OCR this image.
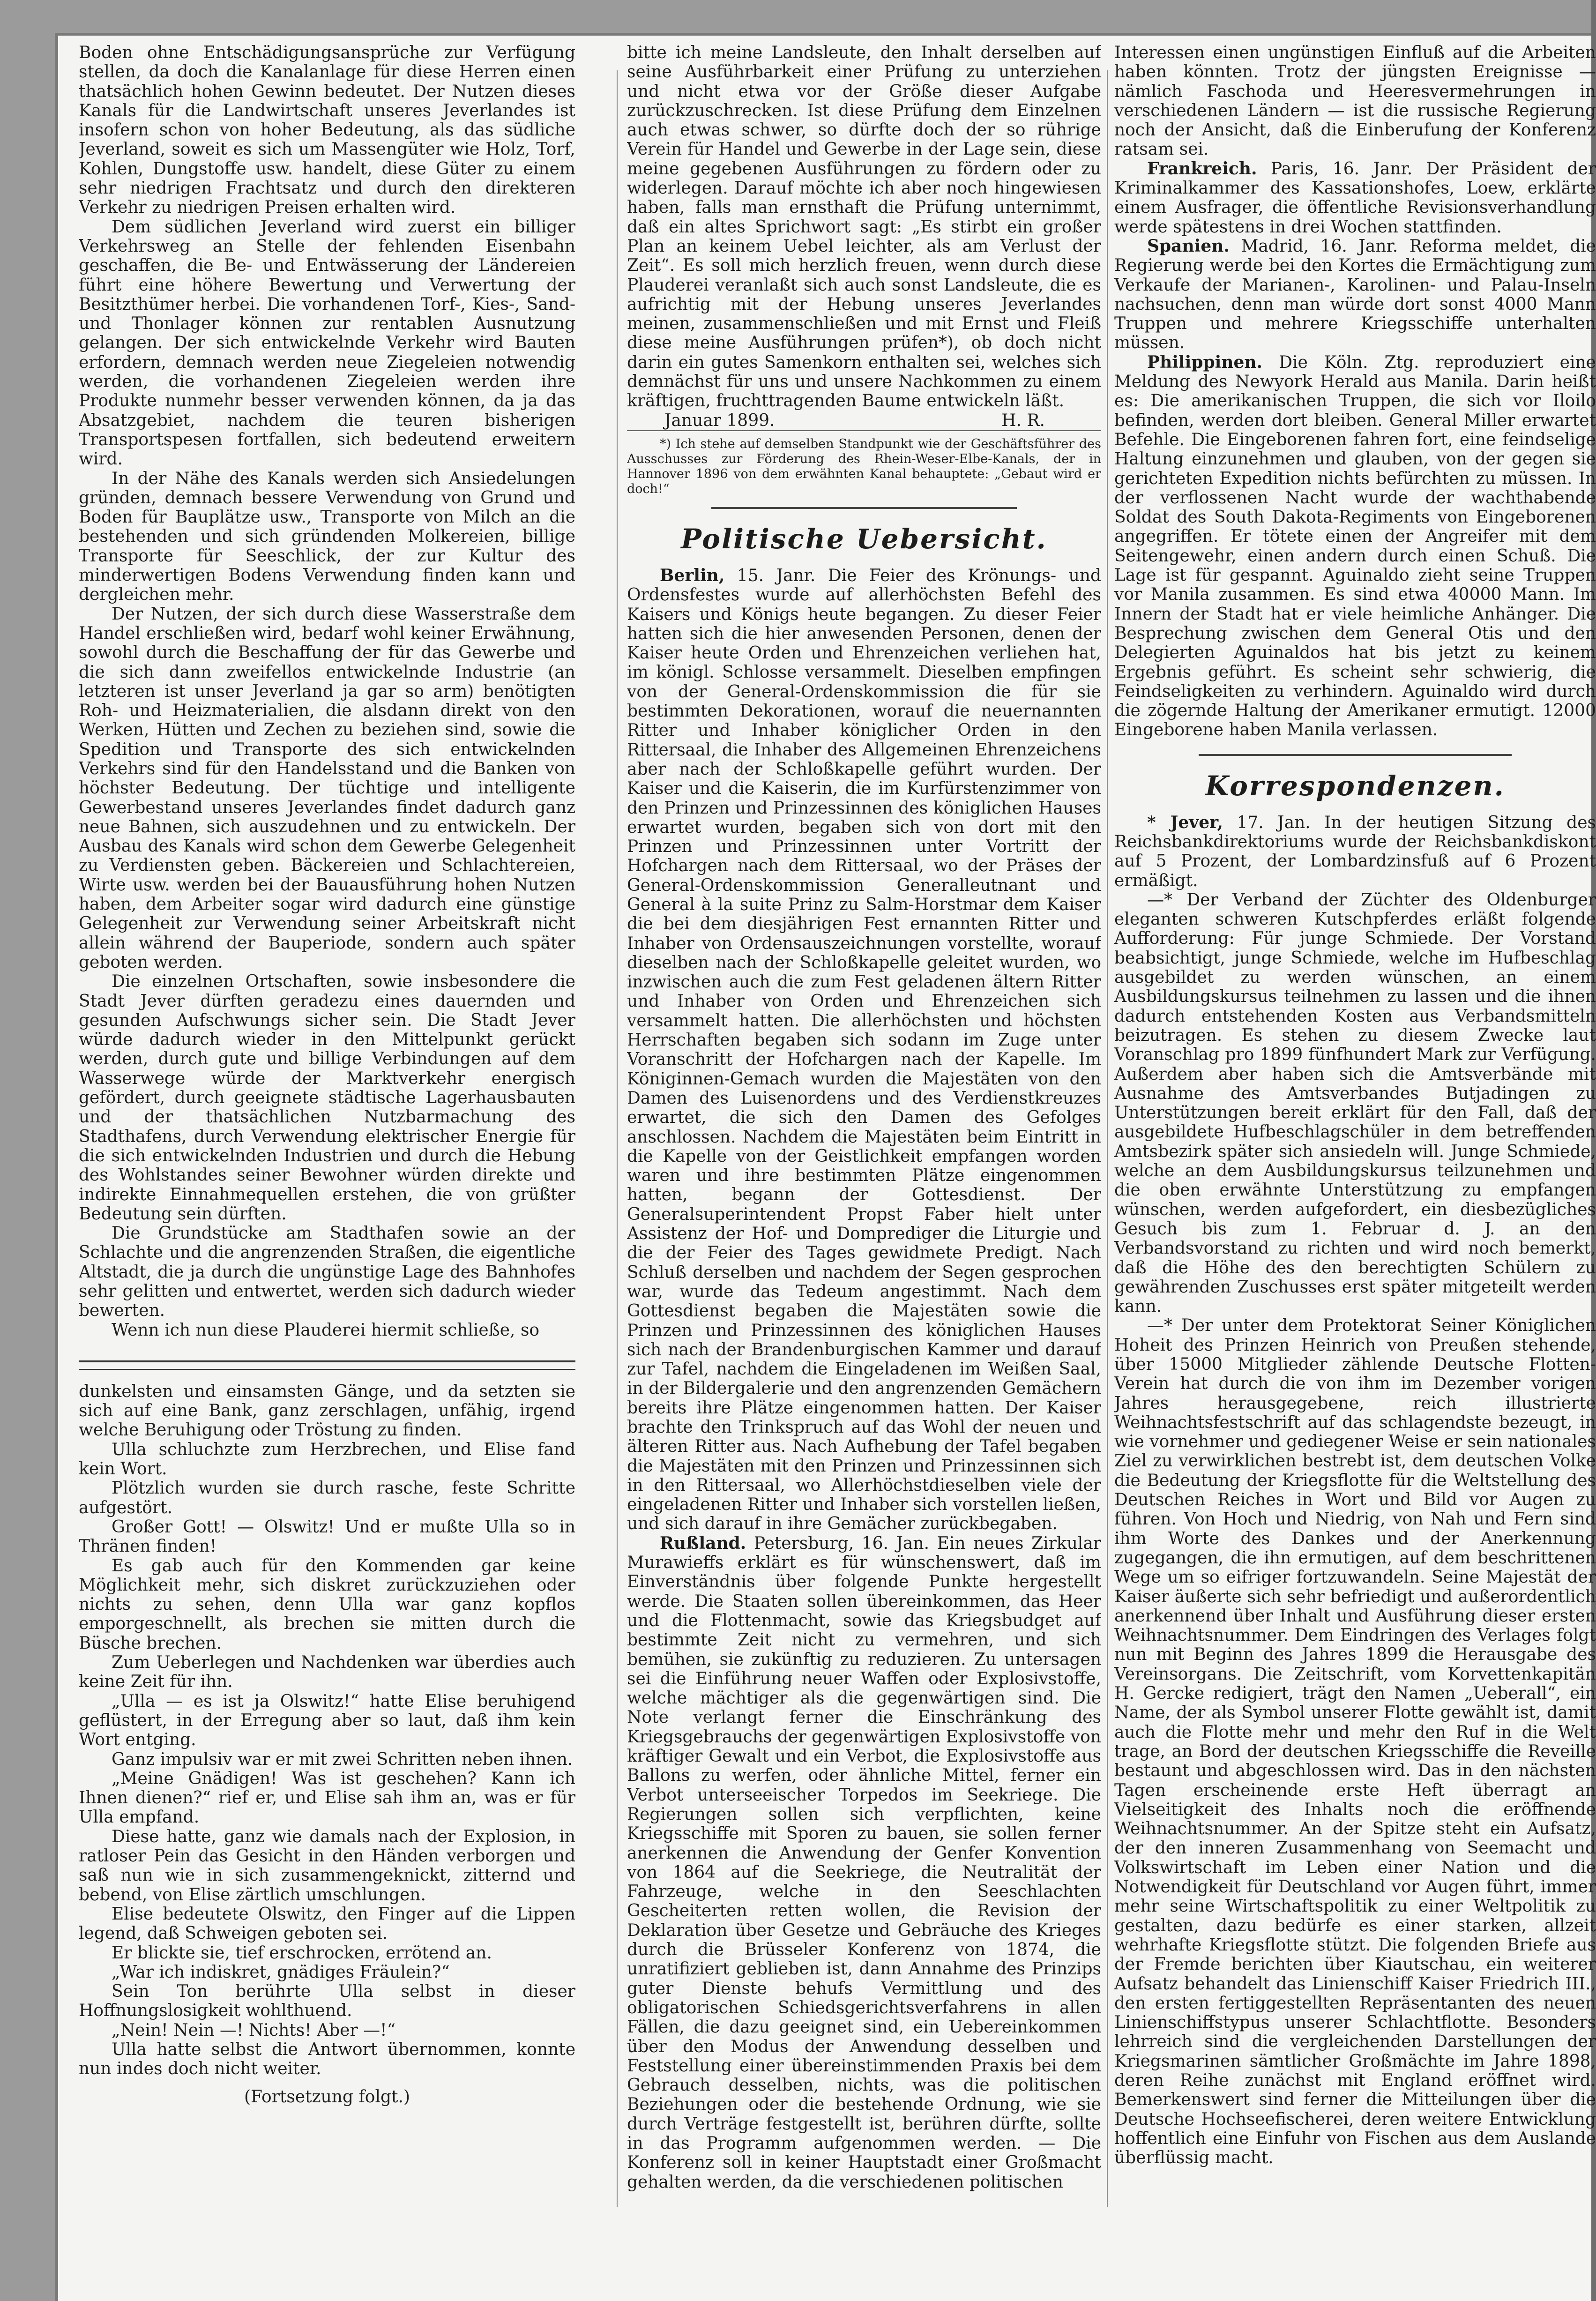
Boden ohne Entschädigungsansprüche zur Verfügung stellen, da doch die Kanalanlage für diese Herren einen thatsächlich hohen Gewinn bedeutet. Der Nutzen dieses Kanals für die Landwirtschaft unseres Jeverlandes ist insofern schon von hoher Bedeutung, als das südliche Jeverland, soweit es sich um Massengüter wie Holz, Torf, Kohlen, Dungstoffe usw. handelt, diese Güter zu einem sehr niedrigen Frachtsatz und durch den direkteren Verkehr zu niedrigen Preisen erhalten wird.

Dem südlichen Jeverland wird zuerst ein billiger Verkehrsweg an Stelle der fehlenden Eisenbahn geschaffen, die Be- und Entwässerung der Ländereien führt eine höhere Bewertung und Verwertung der Besitzthümer herbei. Die vorhandenen Torf-, Kies-, Sand- und Thonlager können zur rentablen Ausnutzung gelangen. Der sich entwickelnde Verkehr wird Bauten erfordern, demnach werden neue Ziegeleien notwendig werden, die vorhandenen Ziegeleien werden ihre Produkte nunmehr besser verwenden können, da ja das Absatzgebiet, nachdem die teuren bisherigen Transportspesen fortfallen, sich bedeutend erweitern wird.

In der Nähe des Kanals werden sich Ansiedelungen gründen, demnach bessere Verwendung von Grund und Boden für Bauplätze usw., Transporte von Milch an die bestehenden und sich gründenden Molkereien, billige Transporte für Seeschlick, der zur Kultur des minderwertigen Bodens Verwendung finden kann und dergleichen mehr.

Der Nutzen, der sich durch diese Wasserstraße dem Handel erschließen wird, bedarf wohl keiner Erwähnung, sowohl durch die Beschaffung der für das Gewerbe und die sich dann zweifellos entwickelnde Industrie (an letzteren ist unser Jeverland ja gar so arm) benötigten Roh- und Heizmaterialien, die alsdann direkt von den Werken, Hütten und Zechen zu beziehen sind, sowie die Spedition und Transporte des sich entwickelnden Verkehrs sind für den Handelsstand und die Banken von höchster Bedeutung. Der tüchtige und intelligente Gewerbestand unseres Jeverlandes findet dadurch ganz neue Bahnen, sich auszudehnen und zu entwickeln. Der Ausbau des Kanals wird schon dem Gewerbe Gelegenheit zu Verdiensten geben. Bäckereien und Schlachtereien, Wirte usw. werden bei der Bauausführung hohen Nutzen haben, dem Arbeiter sogar wird dadurch eine günstige Gelegenheit zur Verwendung seiner Arbeitskraft nicht allein während der Bauperiode, sondern auch später geboten werden.

Die einzelnen Ortschaften, sowie insbesondere die Stadt Jever dürften geradezu eines dauernden und gesunden Aufschwungs sicher sein. Die Stadt Jever würde dadurch wieder in den Mittelpunkt gerückt werden, durch gute und billige Verbindungen auf dem Wasserwege würde der Marktverkehr energisch gefördert, durch geeignete städtische Lagerhausbauten und der thatsächlichen Nutzbarmachung des Stadthafens, durch Verwendung elektrischer Energie für die sich entwickelnden Industrien und durch die Hebung des Wohlstandes seiner Bewohner würden direkte und indirekte Einnahmequellen erstehen, die von grüßter Bedeutung sein dürften.

Die Grundstücke am Stadthafen sowie an der Schlachte und die angrenzenden Straßen, die eigentliche Altstadt, die ja durch die ungünstige Lage des Bahnhofes sehr gelitten und entwertet, werden sich dadurch wieder bewerten.

Wenn ich nun diese Plauderei hiermit schließe, so

dunkelsten und einsamsten Gänge, und da setzten sie sich auf eine Bank, ganz zerschlagen, unfähig, irgend welche Beruhigung oder Tröstung zu finden.

Ulla schluchzte zum Herzbrechen, und Elise fand kein Wort.

Plötzlich wurden sie durch rasche, feste Schritte aufgestört.

Großer Gott! — Olswitz! Und er mußte Ulla so in Thränen finden!

Es gab auch für den Kommenden gar keine Möglichkeit mehr, sich diskret zurückzuziehen oder nichts zu sehen, denn Ulla war ganz kopflos emporgeschnellt, als brechen sie mitten durch die Büsche brechen.

Zum Ueberlegen und Nachdenken war überdies auch keine Zeit für ihn.

„Ulla — es ist ja Olswitz!“ hatte Elise beruhigend geflüstert, in der Erregung aber so laut, daß ihm kein Wort entging.

Ganz impulsiv war er mit zwei Schritten neben ihnen.

„Meine Gnädigen! Was ist geschehen? Kann ich Ihnen dienen?“ rief er, und Elise sah ihm an, was er für Ulla empfand.

Diese hatte, ganz wie damals nach der Explosion, in ratloser Pein das Gesicht in den Händen verborgen und saß nun wie in sich zusammengeknickt, zitternd und bebend, von Elise zärtlich umschlungen.

Elise bedeutete Olswitz, den Finger auf die Lippen legend, daß Schweigen geboten sei.

Er blickte sie, tief erschrocken, errötend an.

„War ich indiskret, gnädiges Fräulein?“

Sein Ton berührte Ulla selbst in dieser Hoffnungslosigkeit wohlthuend.

„Nein! Nein —! Nichts! Aber —!“

Ulla hatte selbst die Antwort übernommen, konnte nun indes doch nicht weiter.

(Fortsetzung folgt.)

bitte ich meine Landsleute, den Inhalt derselben auf seine Ausführbarkeit einer Prüfung zu unterziehen und nicht etwa vor der Größe dieser Aufgabe zurückzuschrecken. Ist diese Prüfung dem Einzelnen auch etwas schwer, so dürfte doch der so rührige Verein für Handel und Gewerbe in der Lage sein, diese meine gegebenen Ausführungen zu fördern oder zu widerlegen. Darauf möchte ich aber noch hingewiesen haben, falls man ernsthaft die Prüfung unternimmt, daß ein altes Sprichwort sagt: „Es stirbt ein großer Plan an keinem Uebel leichter, als am Verlust der Zeit“. Es soll mich herzlich freuen, wenn durch diese Plauderei veranlaßt sich auch sonst Landsleute, die es aufrichtig mit der Hebung unseres Jeverlandes meinen, zusammenschließen und mit Ernst und Fleiß diese meine Ausführungen prüfen*), ob doch nicht darin ein gutes Samenkorn enthalten sei, welches sich demnächst für uns und unsere Nachkommen zu einem kräftigen, fruchttragenden Baume entwickeln läßt.

Januar 1899.	H. R.

*) Ich stehe auf demselben Standpunkt wie der Geschäftsführer des Ausschusses zur Förderung des Rhein-Weser-Elbe-Kanals, der in Hannover 1896 von dem erwähnten Kanal behauptete: „Gebaut wird er doch!“

Politische Uebersicht.

Berlin, 15. Janr. Die Feier des Krönungs- und Ordensfestes wurde auf allerhöchsten Befehl des Kaisers und Königs heute begangen. Zu dieser Feier hatten sich die hier anwesenden Personen, denen der Kaiser heute Orden und Ehrenzeichen verliehen hat, im königl. Schlosse versammelt. Dieselben empfingen von der General-Ordenskommission die für sie bestimmten Dekorationen, worauf die neuernannten Ritter und Inhaber königlicher Orden in den Rittersaal, die Inhaber des Allgemeinen Ehrenzeichens aber nach der Schloßkapelle geführt wurden. Der Kaiser und die Kaiserin, die im Kurfürstenzimmer von den Prinzen und Prinzessinnen des königlichen Hauses erwartet wurden, begaben sich von dort mit den Prinzen und Prinzessinnen unter Vortritt der Hofchargen nach dem Rittersaal, wo der Präses der General-Ordenskommission Generalleutnant und General à la suite Prinz zu Salm-Horstmar dem Kaiser die bei dem diesjährigen Fest ernannten Ritter und Inhaber von Ordensauszeichnungen vorstellte, worauf dieselben nach der Schloßkapelle geleitet wurden, wo inzwischen auch die zum Fest geladenen ältern Ritter und Inhaber von Orden und Ehrenzeichen sich versammelt hatten. Die allerhöchsten und höchsten Herrschaften begaben sich sodann im Zuge unter Voranschritt der Hofchargen nach der Kapelle. Im Königinnen-Gemach wurden die Majestäten von den Damen des Luisenordens und des Verdienstkreuzes erwartet, die sich den Damen des Gefolges anschlossen. Nachdem die Majestäten beim Eintritt in die Kapelle von der Geistlichkeit empfangen worden waren und ihre bestimmten Plätze eingenommen hatten, begann der Gottesdienst. Der Generalsuperintendent Propst Faber hielt unter Assistenz der Hof- und Domprediger die Liturgie und die der Feier des Tages gewidmete Predigt. Nach Schluß derselben und nachdem der Segen gesprochen war, wurde das Tedeum angestimmt. Nach dem Gottesdienst begaben die Majestäten sowie die Prinzen und Prinzessinnen des königlichen Hauses sich nach der Brandenburgischen Kammer und darauf zur Tafel, nachdem die Eingeladenen im Weißen Saal, in der Bildergalerie und den angrenzenden Gemächern bereits ihre Plätze eingenommen hatten. Der Kaiser brachte den Trinkspruch auf das Wohl der neuen und älteren Ritter aus. Nach Aufhebung der Tafel begaben die Majestäten mit den Prinzen und Prinzessinnen sich in den Rittersaal, wo Allerhöchstdieselben viele der eingeladenen Ritter und Inhaber sich vorstellen ließen, und sich darauf in ihre Gemächer zurückbegaben.

Rußland. Petersburg, 16. Jan. Ein neues Zirkular Murawieffs erklärt es für wünschenswert, daß im Einverständnis über folgende Punkte hergestellt werde. Die Staaten sollen übereinkommen, das Heer und die Flottenmacht, sowie das Kriegsbudget auf bestimmte Zeit nicht zu vermehren, und sich bemühen, sie zukünftig zu reduzieren. Zu untersagen sei die Einführung neuer Waffen oder Explosivstoffe, welche mächtiger als die gegenwärtigen sind. Die Note verlangt ferner die Einschränkung des Kriegsgebrauchs der gegenwärtigen Explosivstoffe von kräftiger Gewalt und ein Verbot, die Explosivstoffe aus Ballons zu werfen, oder ähnliche Mittel, ferner ein Verbot unterseeischer Torpedos im Seekriege. Die Regierungen sollen sich verpflichten, keine Kriegsschiffe mit Sporen zu bauen, sie sollen ferner anerkennen die Anwendung der Genfer Konvention von 1864 auf die Seekriege, die Neutralität der Fahrzeuge, welche in den Seeschlachten Gescheiterten retten wollen, die Revision der Deklaration über Gesetze und Gebräuche des Krieges durch die Brüsseler Konferenz von 1874, die unratifiziert geblieben ist, dann Annahme des Prinzips guter Dienste behufs Vermittlung und des obligatorischen Schiedsgerichtsverfahrens in allen Fällen, die dazu geeignet sind, ein Uebereinkommen über den Modus der Anwendung desselben und Feststellung einer übereinstimmenden Praxis bei dem Gebrauch desselben, nichts, was die politischen Beziehungen oder die bestehende Ordnung, wie sie durch Verträge festgestellt ist, berühren dürfte, sollte in das Programm aufgenommen werden. — Die Konferenz soll in keiner Hauptstadt einer Großmacht gehalten werden, da die verschiedenen politischen

Interessen einen ungünstigen Einfluß auf die Arbeiten haben könnten. Trotz der jüngsten Ereignisse — nämlich Faschoda und Heeresvermehrungen in verschiedenen Ländern — ist die russische Regierung noch der Ansicht, daß die Einberufung der Konferenz ratsam sei.

Frankreich. Paris, 16. Janr. Der Präsident der Kriminalkammer des Kassationshofes, Loew, erklärte einem Ausfrager, die öffentliche Revisionsverhandlung werde spätestens in drei Wochen stattfinden.

Spanien. Madrid, 16. Janr. Reforma meldet, die Regierung werde bei den Kortes die Ermächtigung zum Verkaufe der Marianen-, Karolinen- und Palau-Inseln nachsuchen, denn man würde dort sonst 4000 Mann Truppen und mehrere Kriegsschiffe unterhalten müssen.

Philippinen. Die Köln. Ztg. reproduziert eine Meldung des Newyork Herald aus Manila. Darin heißt es: Die amerikanischen Truppen, die sich vor Iloilo befinden, werden dort bleiben. General Miller erwartet Befehle. Die Eingeborenen fahren fort, eine feindselige Haltung einzunehmen und glauben, von der gegen sie gerichteten Expedition nichts befürchten zu müssen. In der verflossenen Nacht wurde der wachthabende Soldat des South Dakota-Regiments von Eingeborenen angegriffen. Er tötete einen der Angreifer mit dem Seitengewehr, einen andern durch einen Schuß. Die Lage ist für gespannt. Aguinaldo zieht seine Truppen vor Manila zusammen. Es sind etwa 40000 Mann. Im Innern der Stadt hat er viele heimliche Anhänger. Die Besprechung zwischen dem General Otis und den Delegierten Aguinaldos hat bis jetzt zu keinem Ergebnis geführt. Es scheint sehr schwierig, die Feindseligkeiten zu verhindern. Aguinaldo wird durch die zögernde Haltung der Amerikaner ermutigt. 12000 Eingeborene haben Manila verlassen.

Korrespondenzen.

* Jever, 17. Jan. In der heutigen Sitzung des Reichsbankdirektoriums wurde der Reichsbankdiskont auf 5 Prozent, der Lombardzinsfuß auf 6 Prozent ermäßigt.

—* Der Verband der Züchter des Oldenburger eleganten schweren Kutschpferdes erläßt folgende Aufforderung: Für junge Schmiede. Der Vorstand beabsichtigt, junge Schmiede, welche im Hufbeschlag ausgebildet zu werden wünschen, an einem Ausbildungskursus teilnehmen zu lassen und die ihnen dadurch entstehenden Kosten aus Verbandsmitteln beizutragen. Es stehen zu diesem Zwecke laut Voranschlag pro 1899 fünfhundert Mark zur Verfügung. Außerdem aber haben sich die Amtsverbände mit Ausnahme des Amtsverbandes Butjadingen zu Unterstützungen bereit erklärt für den Fall, daß der ausgebildete Hufbeschlagschüler in dem betreffenden Amtsbezirk später sich ansiedeln will. Junge Schmiede, welche an dem Ausbildungskursus teilzunehmen und die oben erwähnte Unterstützung zu empfangen wünschen, werden aufgefordert, ein diesbezügliches Gesuch bis zum 1. Februar d. J. an den Verbandsvorstand zu richten und wird noch bemerkt, daß die Höhe des den berechtigten Schülern zu gewährenden Zuschusses erst später mitgeteilt werden kann.

—* Der unter dem Protektorat Seiner Königlichen Hoheit des Prinzen Heinrich von Preußen stehende, über 15000 Mitglieder zählende Deutsche Flotten-Verein hat durch die von ihm im Dezember vorigen Jahres herausgegebene, reich illustrierte Weihnachtsfestschrift auf das schlagendste bezeugt, in wie vornehmer und gediegener Weise er sein nationales Ziel zu verwirklichen bestrebt ist, dem deutschen Volke die Bedeutung der Kriegsflotte für die Weltstellung des Deutschen Reiches in Wort und Bild vor Augen zu führen. Von Hoch und Niedrig, von Nah und Fern sind ihm Worte des Dankes und der Anerkennung zugegangen, die ihn ermutigen, auf dem beschrittenen Wege um so eifriger fortzuwandeln. Seine Majestät der Kaiser äußerte sich sehr befriedigt und außerordentlich anerkennend über Inhalt und Ausführung dieser ersten Weihnachtsnummer. Dem Eindringen des Verlages folgt nun mit Beginn des Jahres 1899 die Herausgabe des Vereinsorgans. Die Zeitschrift, vom Korvettenkapitän H. Gercke redigiert, trägt den Namen „Ueberall“, ein Name, der als Symbol unserer Flotte gewählt ist, damit auch die Flotte mehr und mehr den Ruf in die Welt trage, an Bord der deutschen Kriegsschiffe die Reveille bestaunt und abgeschlossen wird. Das in den nächsten Tagen erscheinende erste Heft überragt an Vielseitigkeit des Inhalts noch die eröffnende Weihnachtsnummer. An der Spitze steht ein Aufsatz, der den inneren Zusammenhang von Seemacht und Volkswirtschaft im Leben einer Nation und die Notwendigkeit für Deutschland vor Augen führt, immer mehr seine Wirtschaftspolitik zu einer Weltpolitik zu gestalten, dazu bedürfe es einer starken, allzeit wehrhafte Kriegsflotte stützt. Die folgenden Briefe aus der Fremde berichten über Kiautschau, ein weiterer Aufsatz behandelt das Linienschiff Kaiser Friedrich III., den ersten fertiggestellten Repräsentanten des neuen Linienschiffstypus unserer Schlachtflotte. Besonders lehrreich sind die vergleichenden Darstellungen der Kriegsmarinen sämtlicher Großmächte im Jahre 1898, deren Reihe zunächst mit England eröffnet wird. Bemerkenswert sind ferner die Mitteilungen über die Deutsche Hochseefischerei, deren weitere Entwicklung hoffentlich eine Einfuhr von Fischen aus dem Auslande überflüssig macht.
